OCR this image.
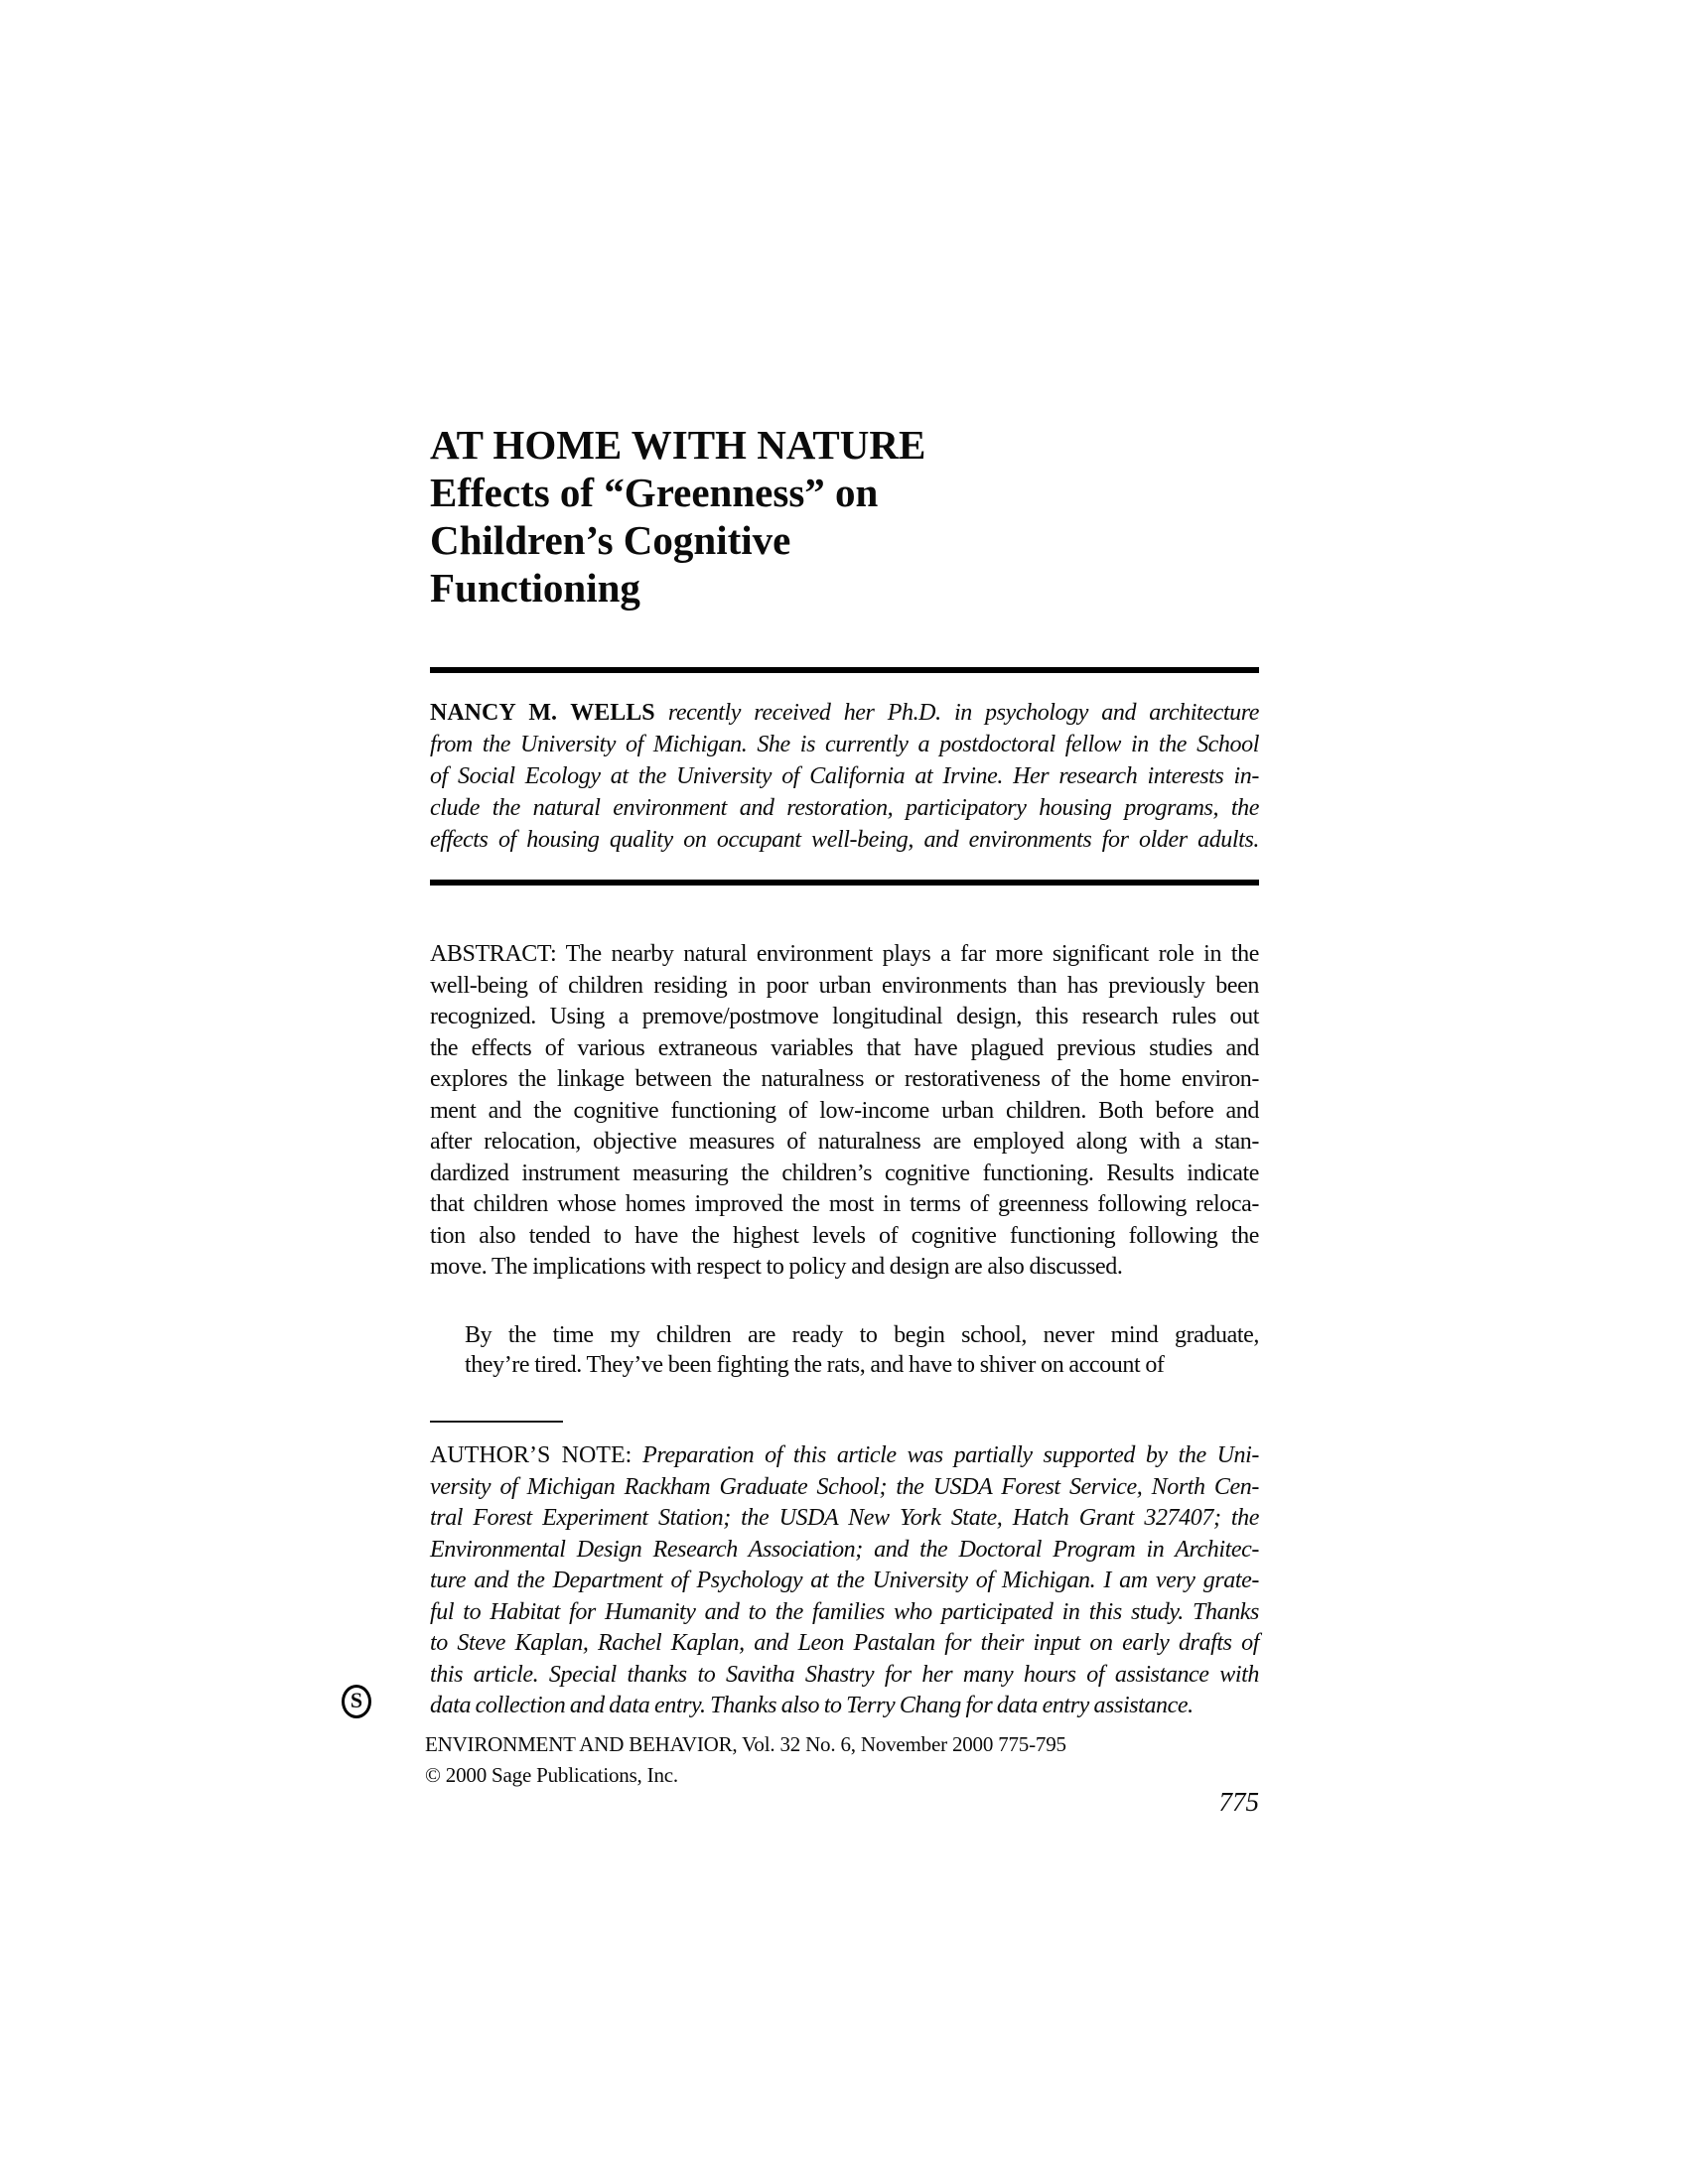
AT HOME WITH NATURE
Effects of “Greenness” on
Children’s Cognitive
Functioning
NANCY M. WELLS recently received her Ph.D. in psychology and architecture
from the University of Michigan. She is currently a postdoctoral fellow in the School
of Social Ecology at the University of California at Irvine. Her research interests in-
clude the natural environment and restoration, participatory housing programs, the
effects of housing quality on occupant well-being, and environments for older adults.
ABSTRACT: The nearby natural environment plays a far more significant role in the
well-being of children residing in poor urban environments than has previously been
recognized. Using a premove/postmove longitudinal design, this research rules out
the effects of various extraneous variables that have plagued previous studies and
explores the linkage between the naturalness or restorativeness of the home environ-
ment and the cognitive functioning of low-income urban children. Both before and
after relocation, objective measures of naturalness are employed along with a stan-
dardized instrument measuring the children’s cognitive functioning. Results indicate
that children whose homes improved the most in terms of greenness following reloca-
tion also tended to have the highest levels of cognitive functioning following the
move. The implications with respect to policy and design are also discussed.
By the time my children are ready to begin school, never mind graduate,
they’re tired. They’ve been fighting the rats, and have to shiver on account of
AUTHOR’S NOTE: Preparation of this article was partially supported by the Uni-
versity of Michigan Rackham Graduate School; the USDA Forest Service, North Cen-
tral Forest Experiment Station; the USDA New York State, Hatch Grant 327407; the
Environmental Design Research Association; and the Doctoral Program in Architec-
ture and the Department of Psychology at the University of Michigan. I am very grate-
ful to Habitat for Humanity and to the families who participated in this study. Thanks
to Steve Kaplan, Rachel Kaplan, and Leon Pastalan for their input on early drafts of
this article. Special thanks to Savitha Shastry for her many hours of assistance with
data collection and data entry. Thanks also to Terry Chang for data entry assistance.
S
ENVIRONMENT AND BEHAVIOR, Vol. 32 No. 6, November 2000 775-795
© 2000 Sage Publications, Inc.
775
